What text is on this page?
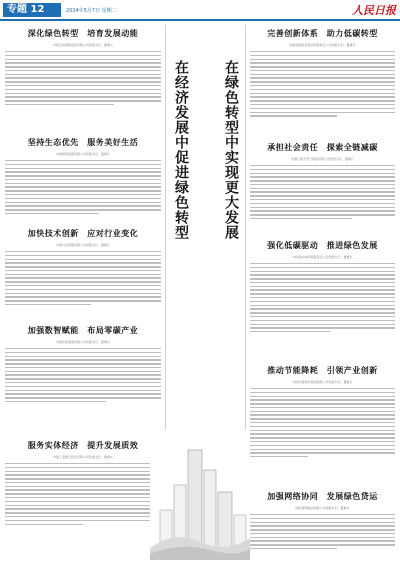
专题 12	2024年5月7日 星期二	人民日报
在绿色转型中实现更大发展
在经济发展中促进绿色转型
深化绿色转型　培育发展动能
中国宝武钢铁集团有限公司党委书记、董事长
坚持生态优先　服务美好生活
中国建筑集团有限公司党组书记、董事长
加快技术创新　应对行业变化
中国石化集团有限公司党组书记、董事长
加强数智赋能　布局零碳产业
中国华能集团有限公司党组书记、董事长
服务实体经济　提升发展质效
中国工商银行股份有限公司党委书记、董事长
完善创新体系　助力低碳转型
国家能源投资集团有限责任公司党组书记、董事长
承担社会责任　探索全链减碳
中国石油天然气集团有限公司党组书记、董事长
强化低碳驱动　推进绿色发展
中国南方电网有限责任公司党组书记、董事长
推动节能降耗　引领产业创新
中国交通建设集团有限公司党委书记、董事长
加强网络协同　发展绿色贷运
国家管网集团有限公司党组书记、董事长
